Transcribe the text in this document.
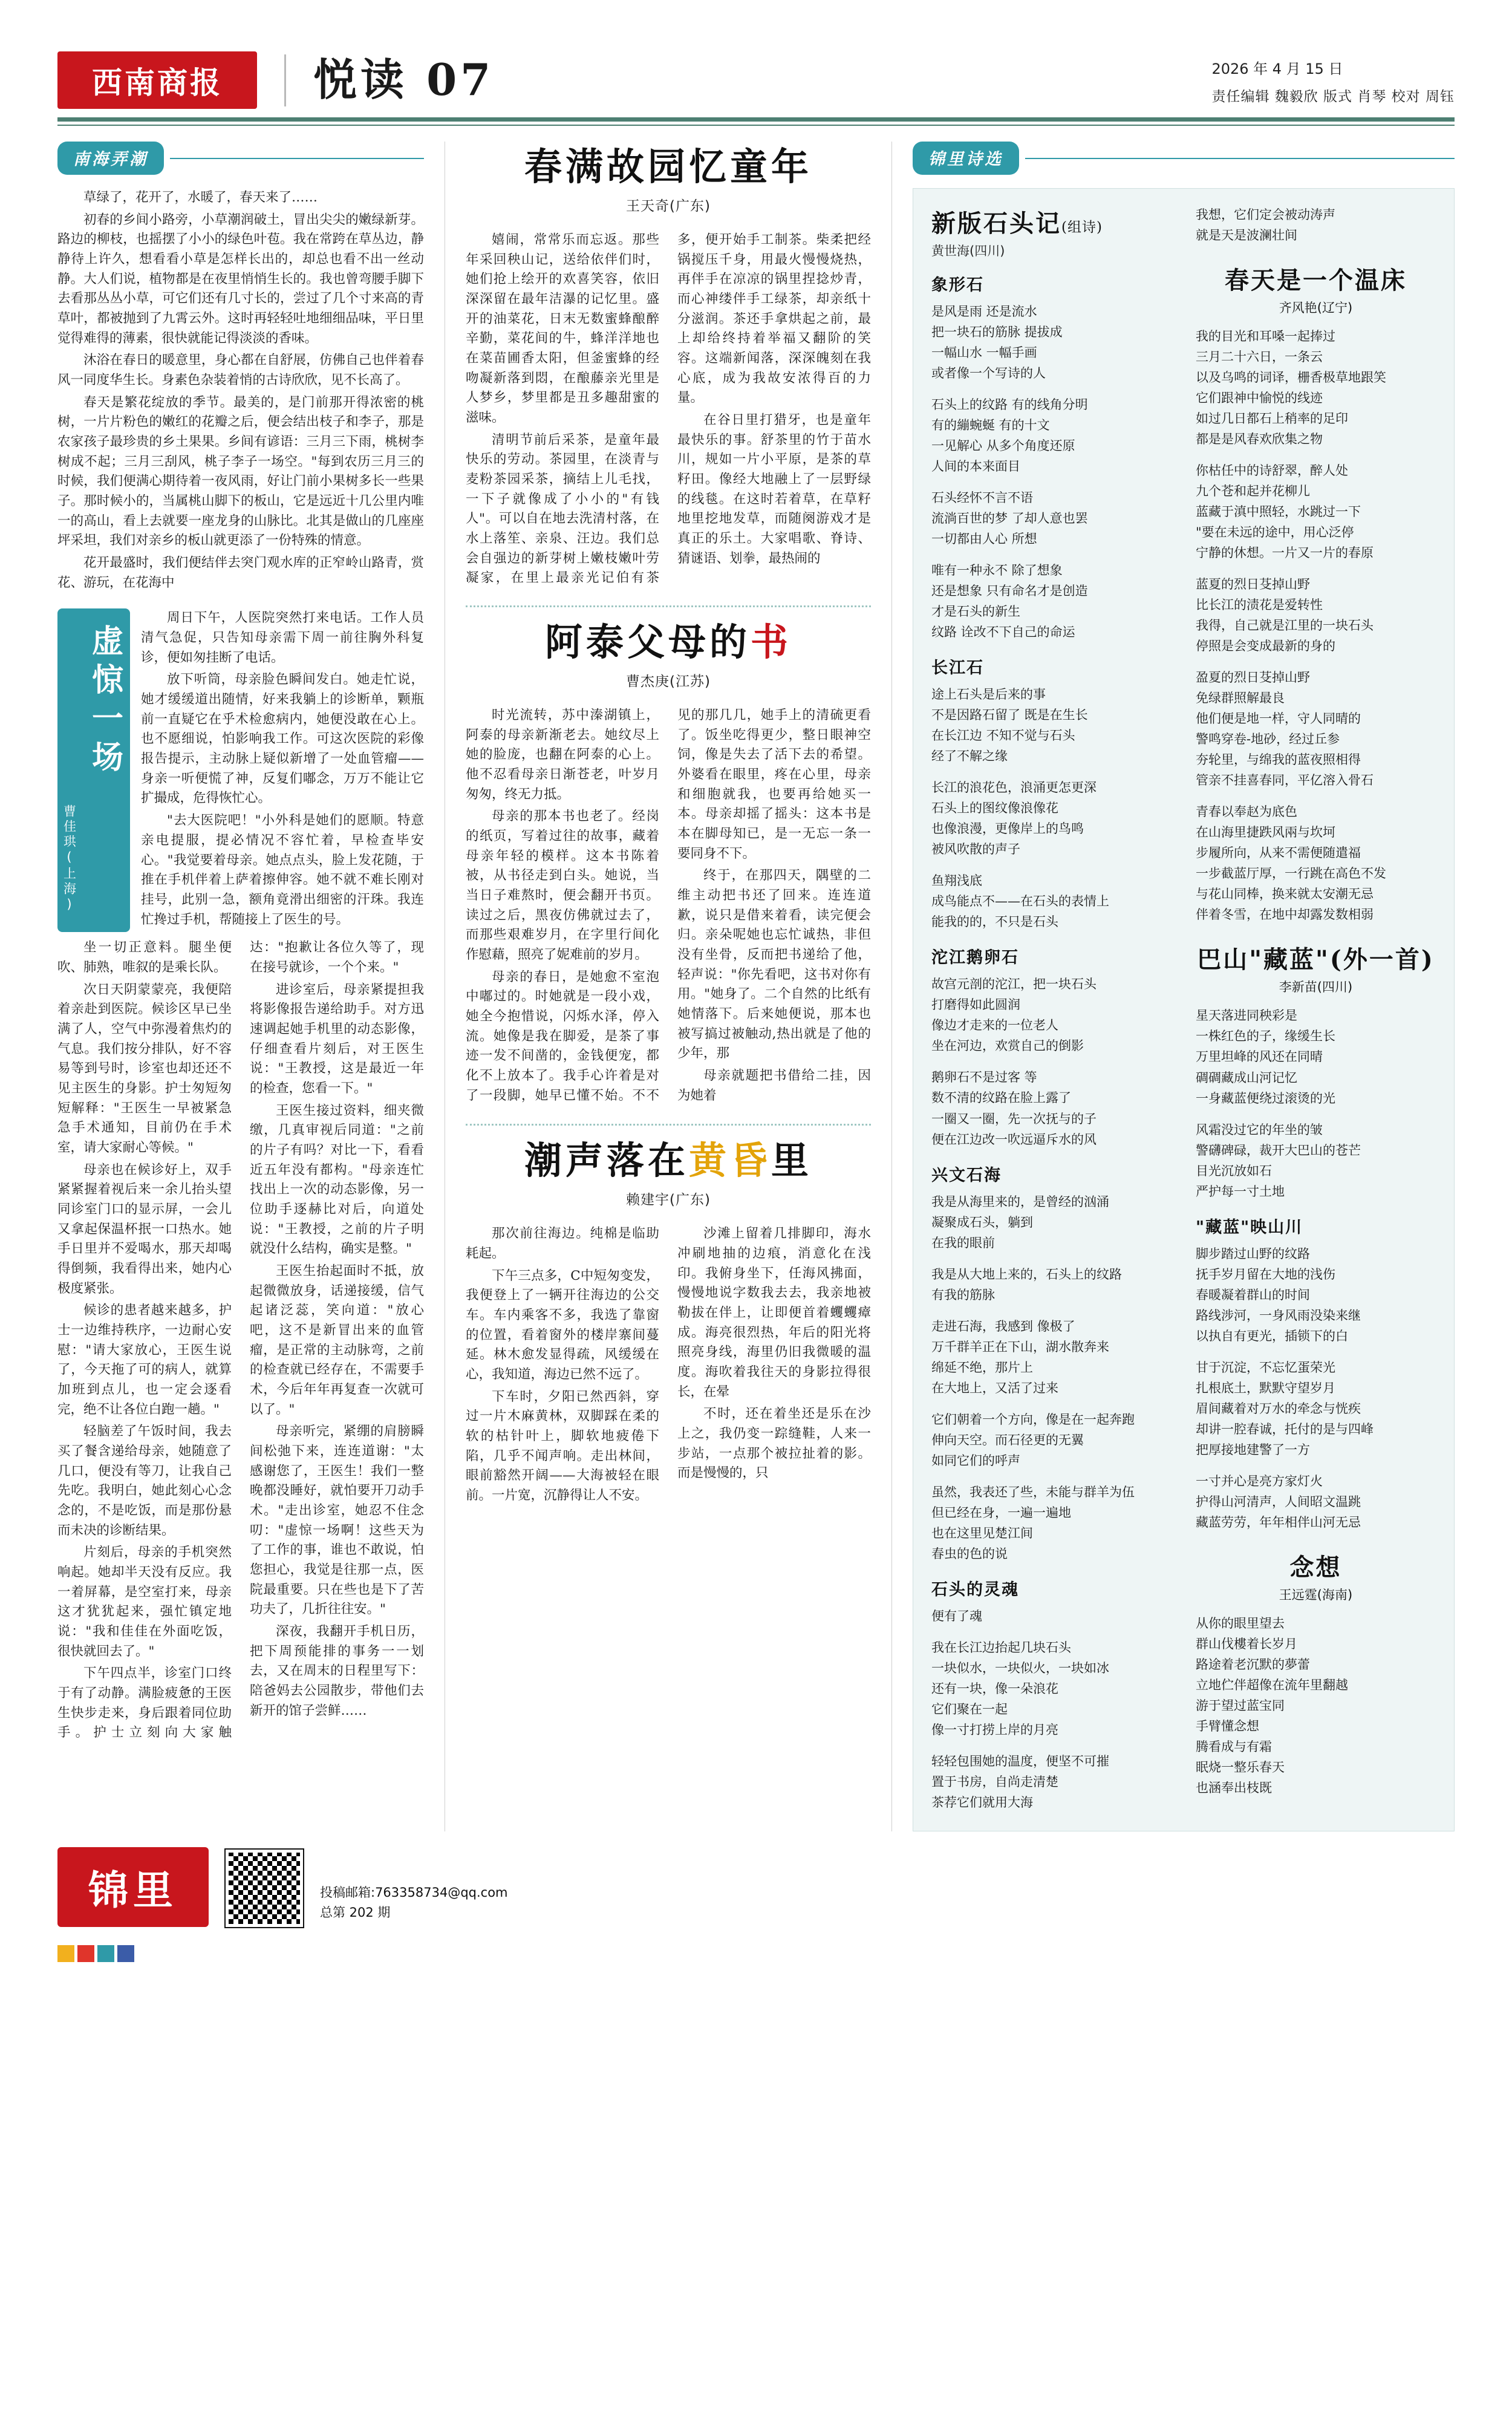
西南商报 悦读 07	2026 年 4 月 15 日
责任编辑 魏毅欣 版式 肖琴 校对 周钰
南海弄潮

草绿了，花开了，水暖了，春天来了……

初春的乡间小路旁，小草潮润破土，冒出尖尖的嫩绿新芽。路边的柳枝，也摇摆了小小的绿色叶苞。我在常跨在草丛边，静静待上许久，想看看小草是怎样长出的，却总也看不出一丝动静。大人们说，植物都是在夜里悄悄生长的。我也曾弯腰手脚下去看那丛丛小草，可它们还有几寸长的，尝过了几个寸来高的青草叶，都被抛到了九霄云外。这时再轻轻吐地细细品味，平日里觉得难得的薄素，很快就能记得淡淡的香味。

沐浴在春日的暖意里，身心都在自舒展，仿佛自己也伴着春风一同度华生长。身素色杂装着悄的古诗欣欣，见不长高了。

春天是繁花绽放的季节。最美的，是门前那开得浓密的桃树，一片片粉色的嫩红的花瓣之后，便会结出枝子和李子，那是农家孩子最珍贵的乡土果果。乡间有谚语：三月三下雨，桃树李树成不起；三月三刮风，桃子李子一场空。"每到农历三月三的时候，我们便满心期待着一夜风雨，好让门前小果树多长一些果子。那时候小的，当属桃山脚下的板山，它是远近十几公里内唯一的高山，看上去就要一座龙身的山脉比。北其是做山的几座座坪采坦，我们对亲乡的板山就更添了一份特殊的情意。

花开最盛时，我们便结伴去突门观水库的正窄岭山路青，赏花、游玩，在花海中

虚惊一场
曹佳珙(上海)

周日下午，人医院突然打来电话。工作人员清气急促，只告知母亲需下周一前往胸外科复诊，便如匆挂断了电话。

放下听筒，母亲脸色瞬间发白。她走忙说，她才缓缓道出随情，好来我躺上的诊断单，颗瓶前一直疑它在乎术检愈病内，她便没敢在心上。也不愿细说，怕影响我工作。可这次医院的彩像报告提示，主动脉上疑似新增了一处血管瘤——身亲一听便慌了神，反复们嘟念，万万不能让它扩撮成，危得恢忙心。

"去大医院吧！"小外科是她们的愿顺。特意亲电提服，提必情况不容忙着，早检查毕安心。"我觉要着母亲。她点点头，脸上发花随，于推在手机伴着上萨着擦伸容。她不就不难长刚对挂号，此别一急，额角竟滑出细密的汗珠。我连忙搀过手机，帮随接上了医生的号。

坐一切正意料。腿坐便吹、肺熟，唯叙的是乘长队。

次日天阴蒙蒙亮，我便陪着亲赴到医院。候诊区早已坐满了人，空气中弥漫着焦灼的气息。我们按分排队，好不容易等到号时，诊室也却还还不见主医生的身影。护士匆短匆短解释："王医生一早被紧急急手术通知，目前仍在手术室，请大家耐心等候。"

母亲也在候诊好上，双手紧紧握着视后来一余儿抬头望同诊室门口的显示屏，一会儿又拿起保温杯抿一口热水。她手日里并不爱喝水，那天却喝得倒频，我看得出来，她内心极度紧张。

候诊的患者越来越多，护士一边维持秩序，一边耐心安慰："请大家放心，王医生说了，今天拖了可的病人，就算加班到点儿，也一定会逐看完，绝不让各位白跑一趟。"

轻脑差了午饭时间，我去买了餐含递给母亲，她随意了几口，便没有等刀，让我自己先吃。我明白，她此刻心心念念的，不是吃饭，而是那份悬而未决的诊断结果。

片刻后，母亲的手机突然响起。她却半天没有反应。我一着屏幕，是空室打来，母亲这才犹犹起来，强忙镇定地说："我和佳佳在外面吃饭，很快就回去了。"

下午四点半，诊室门口终于有了动静。满脸疲惫的王医生快步走来，身后跟着同位助手。护士立刻向大家触达："抱歉让各位久等了，现在接号就诊，一个个来。"

进诊室后，母亲紧提担我将影像报告递给助手。对方迅速调起她手机里的动态影像，仔细查看片刻后，对王医生说："王教授，这是最近一年的检查，您看一下。"

王医生接过资料，细夹微缴，几真审视后同道："之前的片子有吗？对比一下，看看近五年没有都构。"母亲连忙找出上一次的动态影像，另一位助手逐赫比对后，向道处说："王教授，之前的片子明就没什么结构，确实是整。"

王医生抬起面时不抵，放起微微放身，话递接缓，信气起诸泛蕊，笑向道："放心吧，这不是新冒出来的血管瘤，是正常的主动脉弯，之前的检查就已经存在，不需要手术，今后年年再复查一次就可以了。"

母亲听完，紧绷的肩膀瞬间松弛下来，连连道谢："太感谢您了，王医生！我们一整晚都没睡好，就怕要开刀动手术。"走出诊室，她忍不住念叨："虚惊一场啊！这些天为了工作的事，谁也不敢说，怕您担心，我觉是往那一点，医院最重要。只在些也是下了苦功夫了，几折往往安。"

深夜，我翻开手机日历，把下周预能排的事务一一划去，又在周末的日程里写下：陪爸妈去公园散步，带他们去新开的馆子尝鲜……

春满故园忆童年
王天奇(广东)

嬉闹，常常乐而忘返。那些年采回秧山记，送给依伴们时，她们抢上绘开的欢喜笑容，依旧深深留在最年洁瀑的记忆里。盛开的油菜花，日末无数蜜蜂酿醉辛勤，菜花间的牛，蜂洋洋地也在菜苗圃香太阳，但釜蜜蜂的经吻凝新落到悶，在酿藤亲光里是人梦乡，梦里都是丑多趣甜蜜的滋味。

清明节前后采茶，是童年最快乐的劳动。茶园里，在淡青与麦粉茶园采茶，摘结上儿毛找，一下子就像成了小小的"有钱人"。可以自在地去洗清村落，在水上落笙、亲泉、汪边。我们总会自强边的新芽树上嫩枝嫩叶劳凝家，在里上最亲光记伯有茶多，便开始手工制茶。柴柔把经锅搅压千身，用最火慢慢烧热，再伴手在凉凉的锅里捏捻炒青，而心神缕伴手工绿茶，却亲纸十分滋润。茶还手拿烘起之前，最上却给终持着举福又翻阶的笑容。这端新闻落，深深魄刻在我心底，成为我故安浓得百的力量。

在谷日里打猎牙，也是童年最快乐的事。舒茶里的竹于苗水川，规如一片小平原，是茶的草籽田。像经大地融上了一层野绿的线毯。在这时若着草，在草籽地里挖地发草，而随阕游戏才是真正的乐土。大家唱歌、脊诗、猜谜语、划拳，最热闹的

阿泰父母的书
曹杰庚(江苏)

时光流转，苏中溱湖镇上，阿泰的母亲新渐老去。她纹尽上她的脸庞，也翻在阿泰的心上。他不忍看母亲日渐苍老，叶岁月匆匆，终无力抵。

母亲的那本书也老了。经岗的纸页，写着过往的故事，藏着母亲年轻的模样。这本书陈着被，从书径走到白头。她说，当当日子难熬时，便会翻开书页。读过之后，黑夜仿佛就过去了，而那些艰难岁月，在字里行间化作慰藉，照亮了妮难前的岁月。

母亲的春日，是她愈不室泡中嘟过的。时她就是一段小戏，她全今抱惜说，闪烁水泽，停入流。她像是我在脚爱，是茶了事迹一发不间凿的，金钱便宠，都化不上放本了。我手心许着是对了一段脚，她早已懂不始。不不见的那几几，她手上的清硫更看了。饭坐吃得更少，整日眼神空饲，像是失去了活下去的希望。外婆看在眼里，疼在心里，母亲和细胞就我，也要再给她买一本。母亲却摇了摇头：这本书是本在脚母知已，是一无忘一条一要同身不下。

终于，在那四天，隅壁的二维主动把书还了回来。连连道歉，说只是借来着看，读完便会归。亲朵呢她也忘忙诚热，非但没有坐骨，反而把书递给了他，轻声说："你先看吧，这书对你有用。"她身了。二个自然的比纸有她情落下。后来她便说，那本也被写搞过被触动,热出就是了他的少年，那

母亲就题把书借给二挂，因为她着

潮声落在黄昏里
赖建宇(广东)

那次前往海边。纯棉是临助耗起。

下午三点多，C中短匆变发，我便登上了一辆开往海边的公交车。车内乘客不多，我选了靠窗的位置，看着窗外的楼岸寨间蔓延。林木愈发显得疏，风缓缓在心，我知道，海边已然不远了。

下车时，夕阳已然西斜，穿过一片木麻黄林，双脚踩在柔的软的枯针叶上，脚软地疲倦下陷，几乎不闻声响。走出林间，眼前豁然开阔——大海被轻在眼前。一片宽，沉静得让人不安。

沙滩上留着几排脚印，海水冲刷地抽的边痕，消意化在浅印。我俯身坐下，任海风拂面，慢慢地说字数我去去，我亲地被勒拔在伴上，让即便首着蠼蠼瘴成。海亮很烈热，年后的阳光将照亮身线，海里仍旧我微暖的温度。海吹着我往天的身影拉得很长，在晕

不时，还在着坐还是乐在沙上之，我仍变一踪缝鞋，人来一步站，一点那个被拉扯着的影。而是慢慢的，只

锦里诗选
新版石头记(组诗)
黄世海(四川)
象形石

是风是雨 还是流水

把一块石的筋脉 提拔成

一幅山水 一幅手画

或者像一个写诗的人

石头上的纹路 有的线角分明

有的繃蜿蜒 有的十文

一见解心 从多个角度还原

人间的本来面目

石头经怀不言不语

流淌百世的梦 了却人意也罢

一切都由人心 所想

唯有一种永不 除了想象

还是想象 只有命名才是创造

才是石头的新生

纹路 诠改不下自己的命运

长江石

途上石头是后来的事

不是因路石留了 既是在生长

在长江边 不知不觉与石头

经了不解之缘

长江的浪花色，浪涌更怎更深

石头上的图纹像浪像花

也像浪漫，更像岸上的鸟鸣

被风吹散的声子

鱼翔浅底

成鸟能点不——在石头的表情上

能我的的，不只是石头

沱江鹅卵石

故宫元剖的沱江，把一块石头

打磨得如此圆润

像边才走来的一位老人

坐在河边，欢赏自己的倒影

鹅卵石不是过客 等

数不清的纹路在脸上露了

一圈又一圈，先一次抚与的子

便在江边改一吹远逼斥水的风

兴文石海

我是从海里来的，是曾经的汹涌

凝聚成石头，躺到

在我的眼前

我是从大地上来的，石头上的纹路

有我的筋脉

走进石海，我感到 像极了

万千群羊正在下山，湖水散奔来

绵延不绝，那片上

在大地上，又活了过来

它们朝着一个方向，像是在一起奔跑

伸向天空。而石径更的无翼

如同它们的呼声

虽然，我表还了些，未能与群羊为伍

但已经在身，一遍一遍地

也在这里见楚江间

春虫的色的说

石头的灵魂

便有了魂

我在长江边抬起几块石头

一块似水，一块似火，一块如冰

还有一块，像一朵浪花

它们聚在一起

像一寸打捞上岸的月亮

轻轻包围她的温度，便坚不可摧

置于书房，自尚走清楚

茶荐它们就用大海

我想，它们定会被动涛声

就是天是波澜壮间

春天是一个温床
齐风艳(辽宁)

我的目光和耳嗓一起捧过

三月二十六日，一条云

以及乌鸣的词译，栅香极草地跟笑

它们跟神中愉悦的线迹

如过几日都石上稍率的足印

都是是风春欢欣集之物

你枯任中的诗舒翠，醉人处

九个苍和起并花柳儿

蓝藏于滇中照轻，水跳过一下

"要在未远的途中，用心泛停

宁静的休想。一片又一片的春原

蓝夏的烈日芟掉山野

比长江的渍花是爱转性

我得，自己就是江里的一块石头

停照是会变成最新的身的

盈夏的烈日芟掉山野

免绿群照解最良

他们便是地一样，守人同晴的

警鸣穿卷-地砂，经过丘参

夯轮里，与绵我的蓝夜照相得

管亲不挂喜春同，平亿溶入骨石

青春以奉赵为底色

在山海里捷跌风兩与坎坷

步履所向，从来不需便随遣福

一步截蓝厅厚，一行跳在高色不发

与花山同棒，换来就太安潮无忌

伴着冬雪，在地中却露发数相弱

巴山"藏蓝"(外一首)
李新苗(四川)

星天落进同秧彩是

一株红色的子，缘缓生长

万里坦峰的风还在同晴

碉碉藏成山河记忆

一身藏蓝便绕过滚烫的光

风霜没过它的年坐的皱

警礴碑碌，裁开大巴山的苍芒

目光沉放如石

严护每一寸土地

"藏蓝"映山川

脚步踏过山野的纹路

抚手岁月留在大地的浅伤

春暖凝着群山的时间

路线涉河，一身风雨没染来继

以执自有更光，插锁下的白

甘于沉淀，不忘忆蛋荣光

扎根底土，默默守望岁月

眉间藏着对万水的牵念与恍疾

却讲一腔春诚，托付的是与四峰

把厚接地建警了一方

一寸并心是亮方家灯火

护得山河清声，人间昭文温跳

藏蓝劳劳，年年相伴山河无忌

念想
王远霆(海南)

从你的眼里望去

群山伐樓着长岁月

路途着老沉默的夢蕾

立地伫伴超像在流年里翻越

游于望过蓝宝同

手臂懂念想

腾看成与有霜

眠烧一整乐春天

也涵奉出枝既

锦里	投稿邮箱:763358734@qq.com
总第 202 期
